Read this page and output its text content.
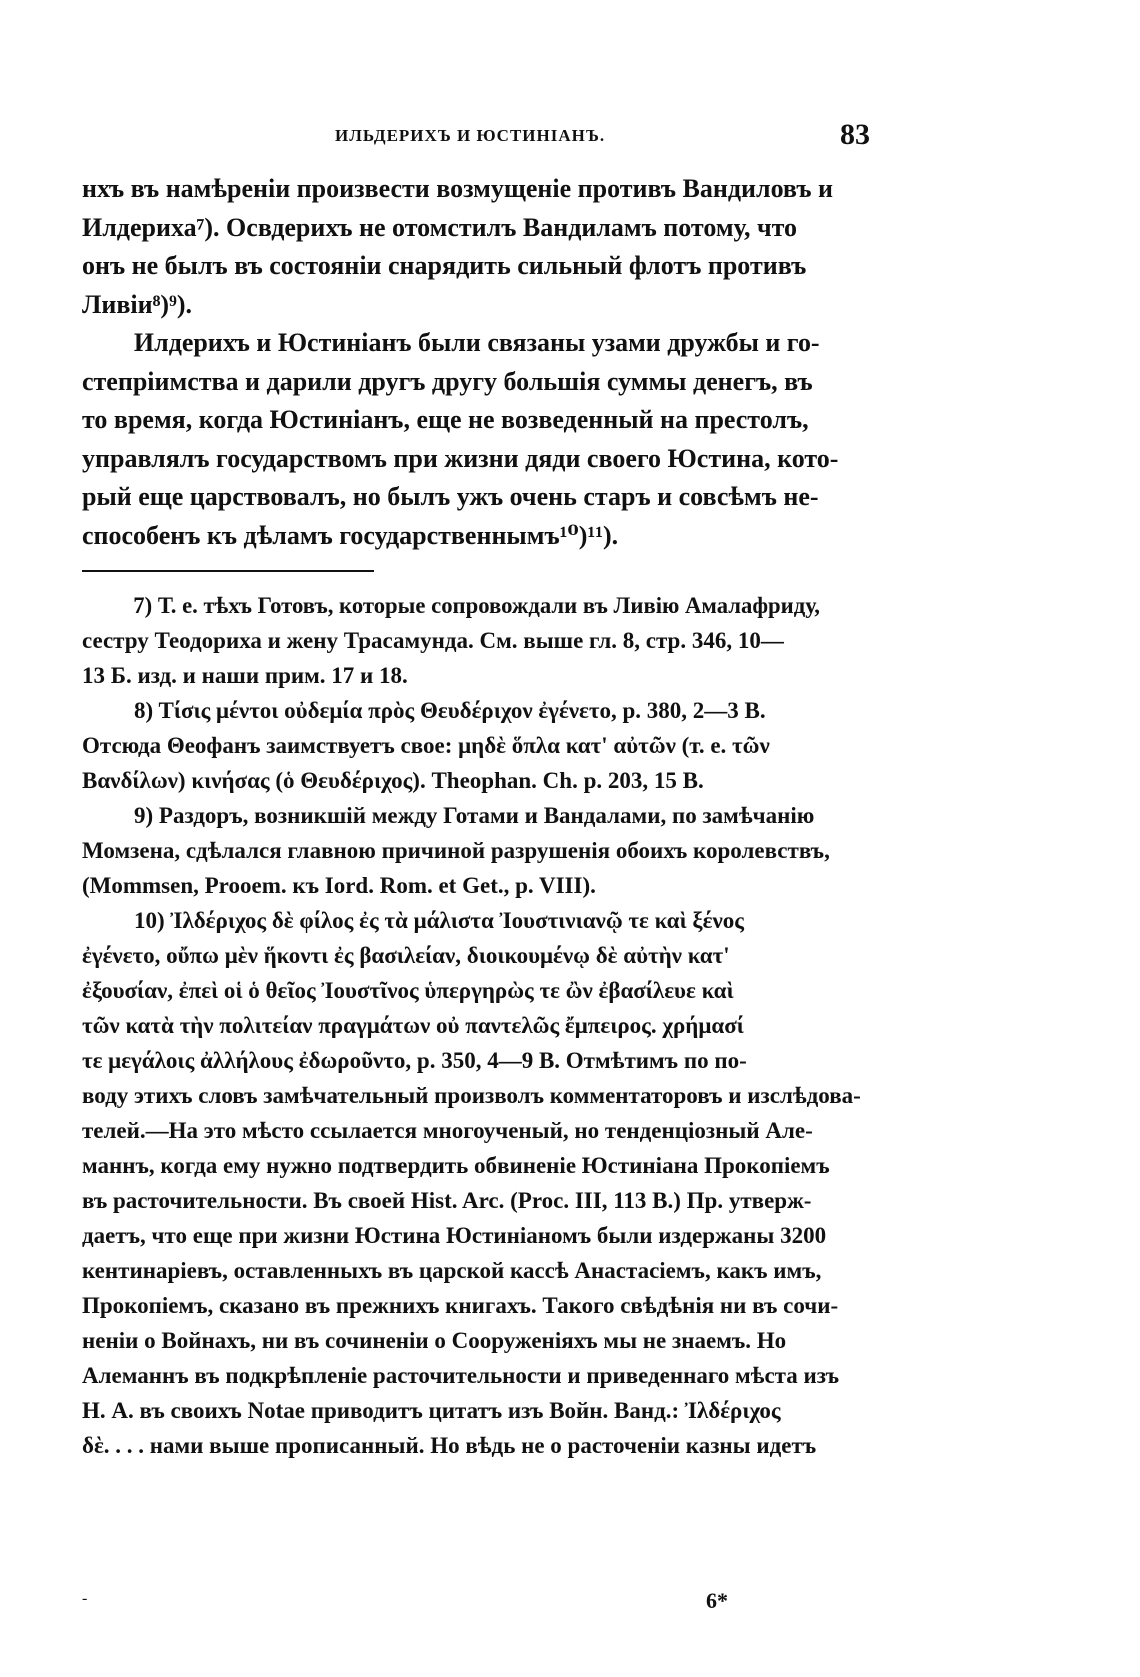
ИЛЬДЕРИХЪ И ЮСТИНІАНЪ.	83

нхъ въ намѣреніи произвести возмущеніе противъ Вандиловъ и
Илдериха⁷). Освдерихъ не отомстилъ Вандиламъ потому, что
онъ не былъ въ состояніи снарядить сильный флотъ противъ
Ливіи⁸)⁹).

Илдерихъ и Юстиніанъ были связаны узами дружбы и го-
степріимства и дарили другъ другу большія суммы денегъ, въ
то время, когда Юстиніанъ, еще не возведенный на престолъ,
управлялъ государствомъ при жизни дяди своего Юстина, кото-
рый еще царствовалъ, но былъ ужъ очень старъ и совсѣмъ не-
способенъ къ дѣламъ государственнымъ¹⁰)¹¹).

7) Т. е. тѣхъ Готовъ, которые сопровождали въ Ливію Амалафриду,
сестру Теодориха и жену Трасамунда. См. выше гл. 8, стр. 346, 10—
13 Б. изд. и наши прим. 17 и 18.

8) Τίσις μέντοι οὐδεμία πρὸς Θευδέριχον ἐγένετο, p. 380, 2—3 B.
Отсюда Θеофанъ заимствуетъ свое: μηδὲ ὅπλα κατ' αὐτῶν (т. е. τῶν
Βανδίλων) κινήσας (ὁ Θευδέριχος). Theophan. Ch. p. 203, 15 B.

9) Раздоръ, возникшій между Готами и Вандалами, по замѣчанію
Момзена, сдѣлался главною причиной разрушенія обоихъ королевствъ,
(Mommsen, Prooem. къ Iord. Rom. et Get., p. VIII).

10) Ἰλδέριχος δὲ φίλος ἐς τὰ μάλιστα Ἰουστινιανῷ τε καὶ ξένος
ἐγένετο, οὔπω μὲν ἥκοντι ἐς βασιλείαν, διοικουμένῳ δὲ αὐτὴν κατ'
ἐξουσίαν, ἐπεὶ οἱ ὁ θεῖος Ἰουστῖνος ὑπεργηρὼς τε ὢν ἐβασίλευε καὶ
τῶν κατὰ τὴν πολιτείαν πραγμάτων οὐ παντελῶς ἔμπειρος. χρήμασί
τε μεγάλοις ἀλλήλους ἐδωροῦντο, p. 350, 4—9 B. Отмѣтимъ по по-
воду этихъ словъ замѣчательный произволъ комментаторовъ и изслѣдова-
телей.—На это мѣсто ссылается многоученый, но тенденціозный Але-
маннъ, когда ему нужно подтвердить обвиненіе Юстиніана Прокопіемъ
въ расточительности. Въ своей Hist. Arc. (Proc. III, 113 B.) Пр. утверж-
даетъ, что еще при жизни Юстина Юстиніаномъ были издержаны 3200
кентинаріевъ, оставленныхъ въ царской кассѣ Анастасіемъ, какъ имъ,
Прокопіемъ, сказано въ прежнихъ книгахъ. Такого свѣдѣнія ни въ сочи-
неніи о Войнахъ, ни въ сочиненіи о Сооруженіяхъ мы не знаемъ. Но
Алеманнъ въ подкрѣпленіе расточительности и приведеннаго мѣста изъ
Н. А. въ своихъ Notae приводитъ цитатъ изъ Войн. Ванд.: Ἰλδέριχος
δὲ. . . . нами выше прописанный. Но вѣдь не о расточеніи казны идетъ

-	6*
